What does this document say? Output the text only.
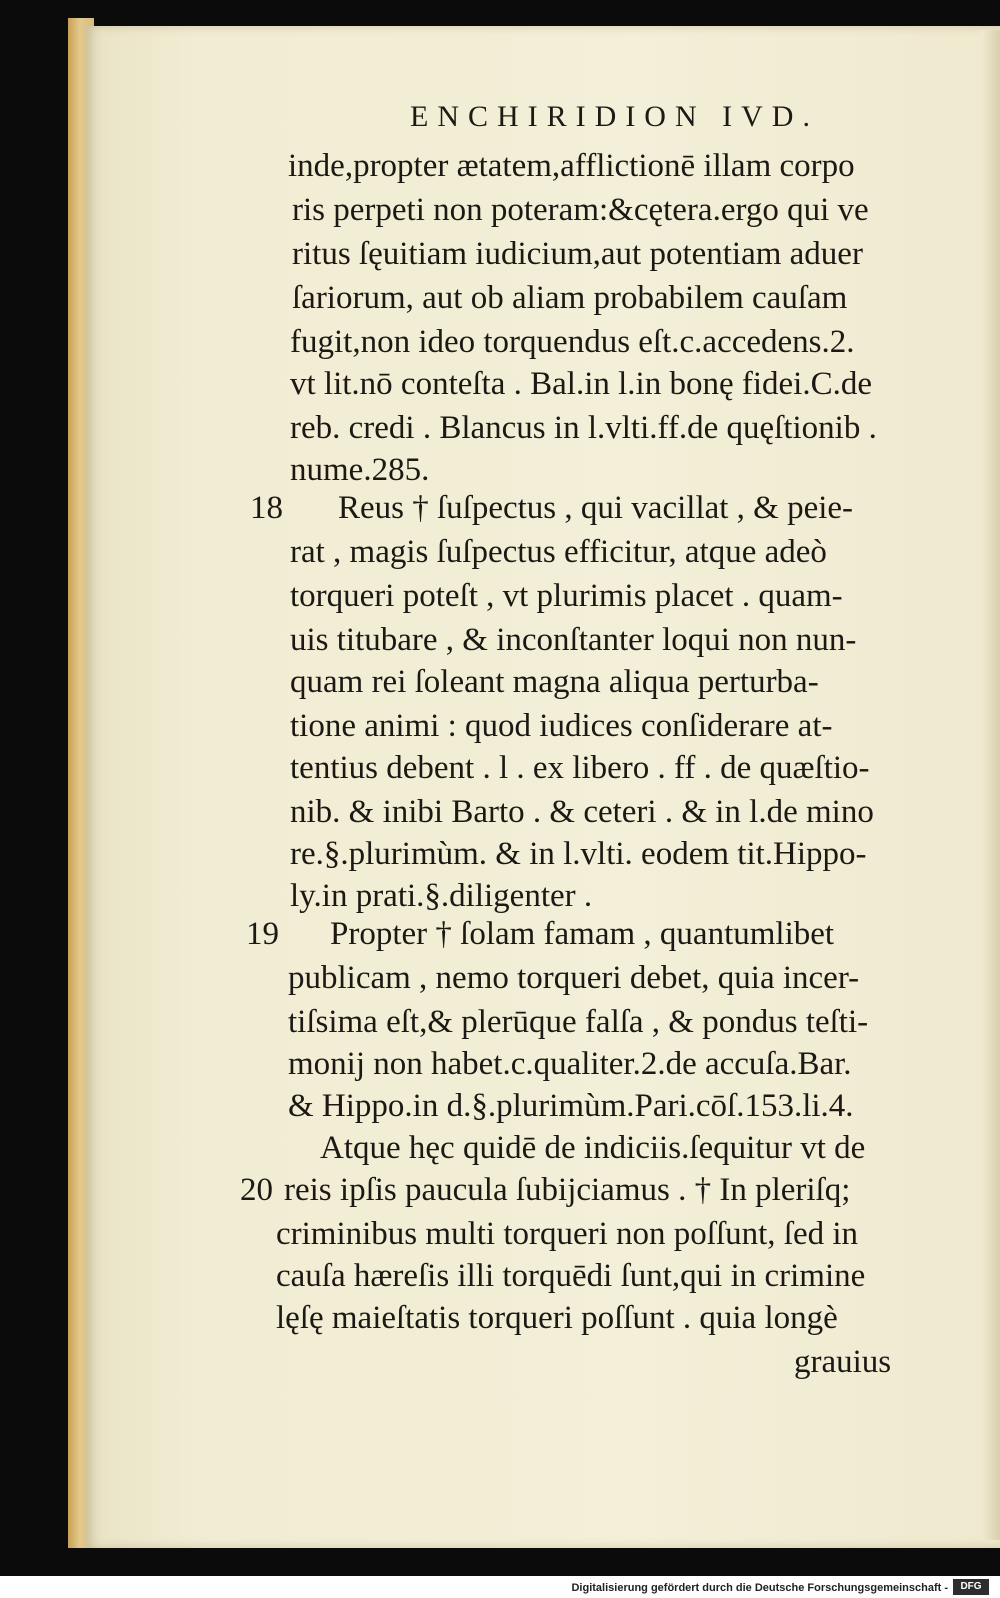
ENCHIRIDION IVD.
inde,propter ætatem,afflictionē illam corpo
ris perpeti non poteram:&cętera.ergo qui ve
ritus ſęuitiam iudicium,aut potentiam aduer
ſariorum, aut ob aliam probabilem cauſam
fugit,non ideo torquendus eſt.c.accedens.2.
vt lit.nō conteſta . Bal.in l.in bonę fidei.C.de
reb. credi . Blancus in l.vlti.ff.de quęſtionib .
nume.285.
18 Reus † ſuſpectus , qui vacillat , & peie-
rat , magis ſuſpectus efficitur, atque adeò
torqueri poteſt , vt plurimis placet . quam-
uis titubare , & inconſtanter loqui non nun-
quam rei ſoleant magna aliqua perturba-
tione animi : quod iudices conſiderare at-
tentius debent . l . ex libero . ff . de quæſtio-
nib. & inibi Barto . & ceteri . & in l.de mino
re.§.plurimùm. & in l.vlti. eodem tit.Hippo-
ly.in prati.§.diligenter .
19 Propter † ſolam famam , quantumlibet
publicam , nemo torqueri debet, quia incer-
tiſsima eſt,& plerūque falſa , & pondus teſti-
monij non habet.c.qualiter.2.de accuſa.Bar.
& Hippo.in d.§.plurimùm.Pari.cōſ.153.li.4.
Atque hęc quidē de indiciis.ſequitur vt de
20 reis ipſis paucula ſubijciamus . † In pleriſq;
criminibus multi torqueri non poſſunt, ſed in
cauſa hæreſis illi torquēdi ſunt,qui in crimine
lęſę maieſtatis torqueri poſſunt . quia longè
grauius
Digitalisierung gefördert durch die Deutsche Forschungsgemeinschaft -	DFG
